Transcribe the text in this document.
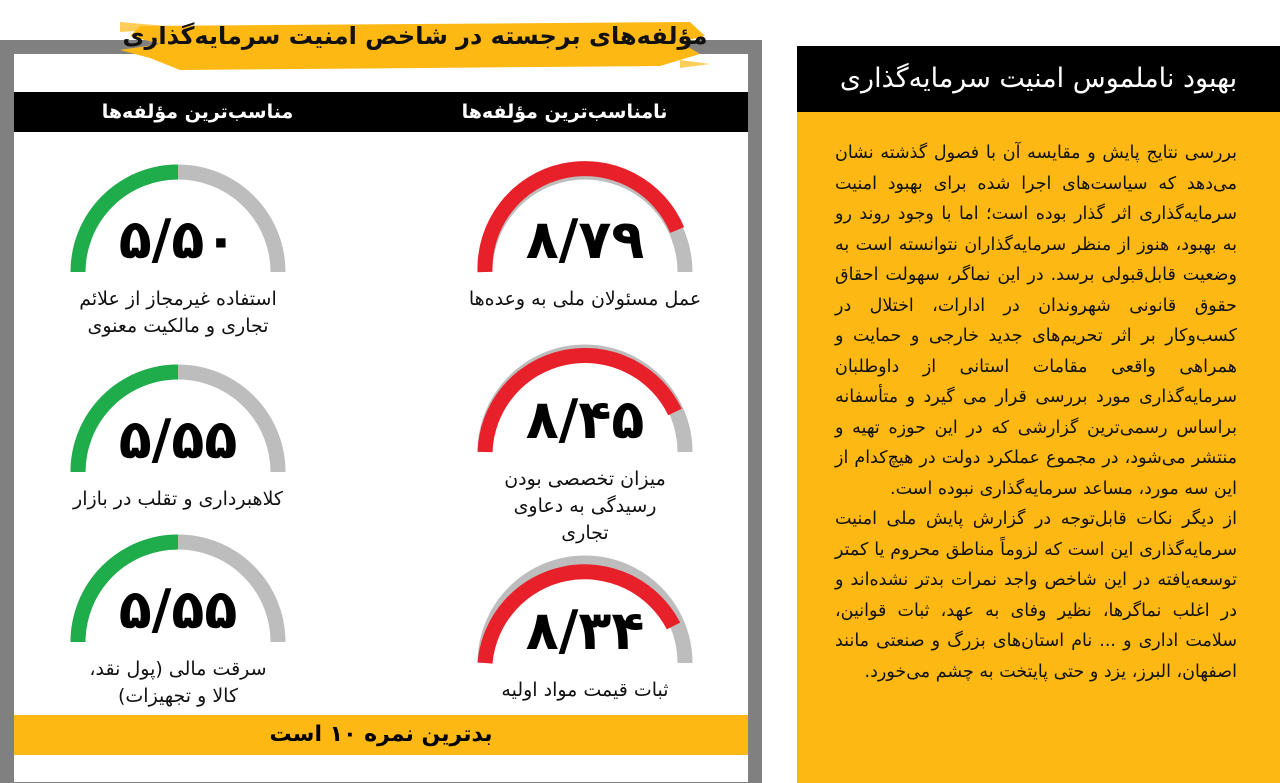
نامناسب‌ترین مؤلفه‌ها
مناسب‌ترین مؤلفه‌ها
۸/۷۹
عمل مسئولان ملی به وعده‌ها
۸/۴۵
میزان تخصصی بودن رسیدگی به دعاوی تجاری
۸/۳۴
ثبات قیمت مواد اولیه
۵/۵۰
استفاده غیرمجاز از علائم تجاری و مالکیت معنوی
۵/۵۵
کلاهبرداری و تقلب در بازار
۵/۵۵
سرقت مالی (پول نقد، کالا و تجهیزات)
بدترین نمره ۱۰ است
مؤلفه‌های برجسته در شاخص امنیت سرمایه‌گذاری
بهبود ناملموس امنیت سرمایه‌گذاری

بررسی نتایج پایش و مقایسه آن با فصول گذشته نشان می‌دهد که سیاست‌های اجرا شده برای بهبود امنیت سرمایه‌گذاری اثر گذار بوده است؛ اما با وجود روند رو به بهبود، هنوز از منظر سرمایه‌گذاران نتوانسته است به وضعیت قابل‌قبولی برسد. در این نماگر، سهولت احقاق حقوق قانونی شهروندان در ادارات، اختلال در کسب‌و‌کار بر اثر تحریم‌های جدید خارجی و حمایت و همراهی واقعی مقامات استانی از داوطلبان سرمایه‌گذاری مورد بررسی قرار می گیرد و متأسفانه براساس رسمی‌ترین گزارشی که در این حوزه تهیه و منتشر می‌شود، در مجموع عملکرد دولت در هیچ‌کدام از این سه مورد، مساعد سرمایه‌گذاری نبوده است.

از دیگر نکات قابل‌توجه در گزارش پایش ملی امنیت سرمایه‌گذاری این است که لزوماً مناطق محروم یا کمتر توسعه‌یافته در این شاخص واجد نمرات بدتر نشده‌اند و در اغلب نماگرها، نظیر وفای به عهد، ثبات قوانین، سلامت اداری و ... نام استان‌های بزرگ و صنعتی مانند اصفهان، البرز، یزد و حتی پایتخت به چشم می‌خورد.
